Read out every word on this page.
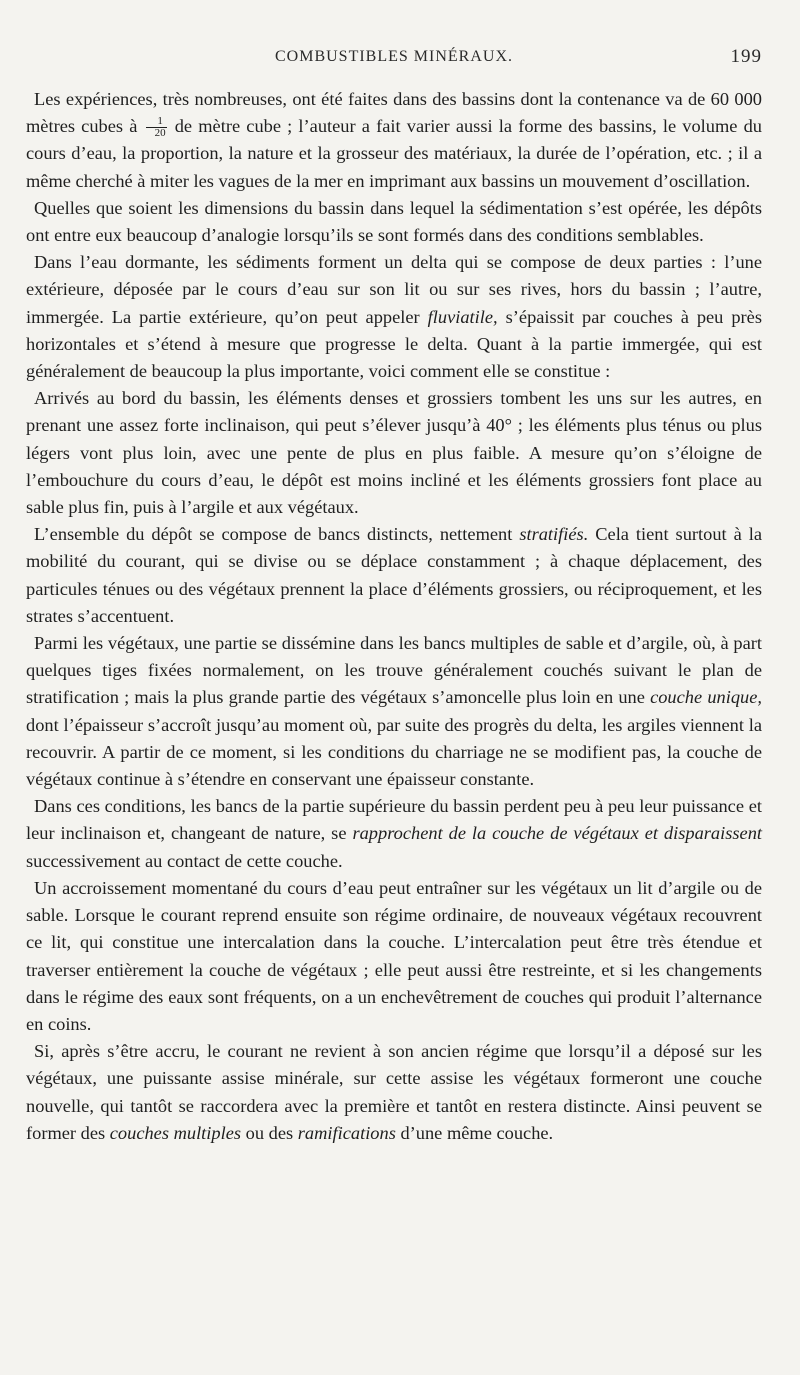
COMBUSTIBLES MINÉRAUX.	199

Les expériences, très nombreuses, ont été faites dans des bassins dont la contenance va de 60 000 mètres cubes à $\frac{1}{20}$ de mètre cube ; l’auteur a fait varier aussi la forme des bassins, le volume du cours d’eau, la proportion, la nature et la grosseur des matériaux, la durée de l’opération, etc. ; il a même cherché à miter les vagues de la mer en imprimant aux bassins un mouvement d’oscillation.

Quelles que soient les dimensions du bassin dans lequel la sédimentation s’est opérée, les dépôts ont entre eux beaucoup d’analogie lorsqu’ils se sont formés dans des conditions semblables.

Dans l’eau dormante, les sédiments forment un delta qui se compose de deux parties : l’une extérieure, déposée par le cours d’eau sur son lit ou sur ses rives, hors du bassin ; l’autre, immergée. La partie extérieure, qu’on peut appeler fluviatile, s’épaissit par couches à peu près horizontales et s’étend à mesure que progresse le delta. Quant à la partie immergée, qui est généralement de beaucoup la plus importante, voici comment elle se constitue :

Arrivés au bord du bassin, les éléments denses et grossiers tombent les uns sur les autres, en prenant une assez forte inclinaison, qui peut s’élever jusqu’à 40° ; les éléments plus ténus ou plus légers vont plus loin, avec une pente de plus en plus faible. A mesure qu’on s’éloigne de l’embouchure du cours d’eau, le dépôt est moins incliné et les éléments grossiers font place au sable plus fin, puis à l’argile et aux végétaux.

L’ensemble du dépôt se compose de bancs distincts, nettement stratifiés. Cela tient surtout à la mobilité du courant, qui se divise ou se déplace constamment ; à chaque déplacement, des particules ténues ou des végétaux prennent la place d’éléments grossiers, ou réciproquement, et les strates s’accentuent.

Parmi les végétaux, une partie se dissémine dans les bancs multiples de sable et d’argile, où, à part quelques tiges fixées normalement, on les trouve généralement couchés suivant le plan de stratification ; mais la plus grande partie des végétaux s’amoncelle plus loin en une couche unique, dont l’épaisseur s’accroît jusqu’au moment où, par suite des progrès du delta, les argiles viennent la recouvrir. A partir de ce moment, si les conditions du charriage ne se modifient pas, la couche de végétaux continue à s’étendre en conservant une épaisseur constante.

Dans ces conditions, les bancs de la partie supérieure du bassin perdent peu à peu leur puissance et leur inclinaison et, changeant de nature, se rapprochent de la couche de végétaux et disparaissent successivement au contact de cette couche.

Un accroissement momentané du cours d’eau peut entraîner sur les végétaux un lit d’argile ou de sable. Lorsque le courant reprend ensuite son régime ordinaire, de nouveaux végétaux recouvrent ce lit, qui constitue une intercalation dans la couche. L’intercalation peut être très étendue et traverser entièrement la couche de végétaux ; elle peut aussi être restreinte, et si les changements dans le régime des eaux sont fréquents, on a un enchevêtrement de couches qui produit l’alternance en coins.

Si, après s’être accru, le courant ne revient à son ancien régime que lorsqu’il a déposé sur les végétaux, une puissante assise minérale, sur cette assise les végétaux formeront une couche nouvelle, qui tantôt se raccordera avec la première et tantôt en restera distincte. Ainsi peuvent se former des couches multiples ou des ramifications d’une même couche.
